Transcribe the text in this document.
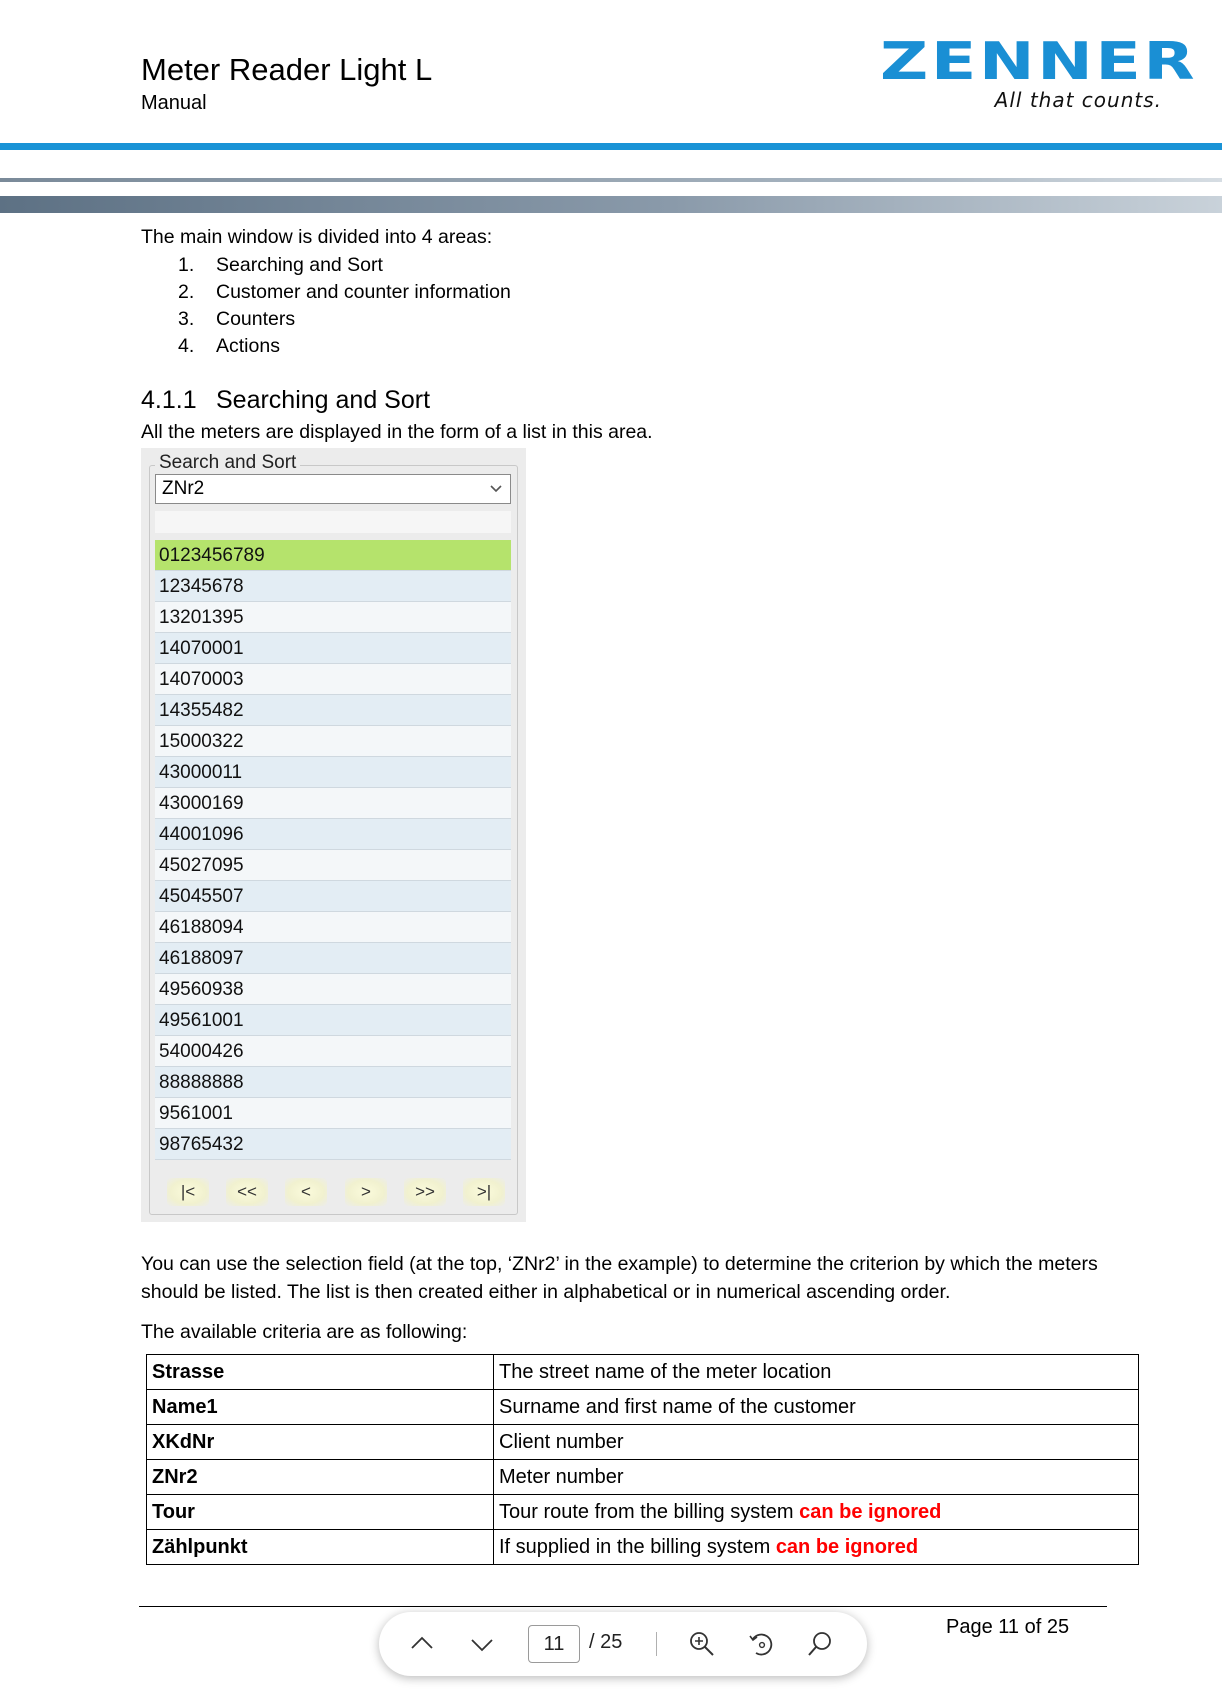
Meter Reader Light L
Manual
ZENNER
All that counts.
The main window is divided into 4 areas:
1. Searching and Sort
2. Customer and counter information
3. Counters
4. Actions
4.1.1 Searching and Sort
All the meters are displayed in the form of a list in this area.
Search and Sort
ZNr2
0123456789
12345678
13201395
14070001
14070003
14355482
15000322
43000011
43000169
44001096
45027095
45045507
46188094
46188097
49560938
49561001
54000426
88888888
9561001
98765432
|<	<<	<	>	>>	>|
You can use the selection field (at the top, ‘ZNr2’ in the example) to determine the criterion by which the meters should be listed. The list is then created either in alphabetical or in numerical ascending order.
The available criteria are as following:
Strasse	The street name of the meter location
Name1	Surname and first name of the customer
XKdNr	Client number
ZNr2	Meter number
Tour	Tour route from the billing system can be ignored
Zählpunkt	If supplied in the billing system can be ignored
Page 11 of 25
11	/ 25
